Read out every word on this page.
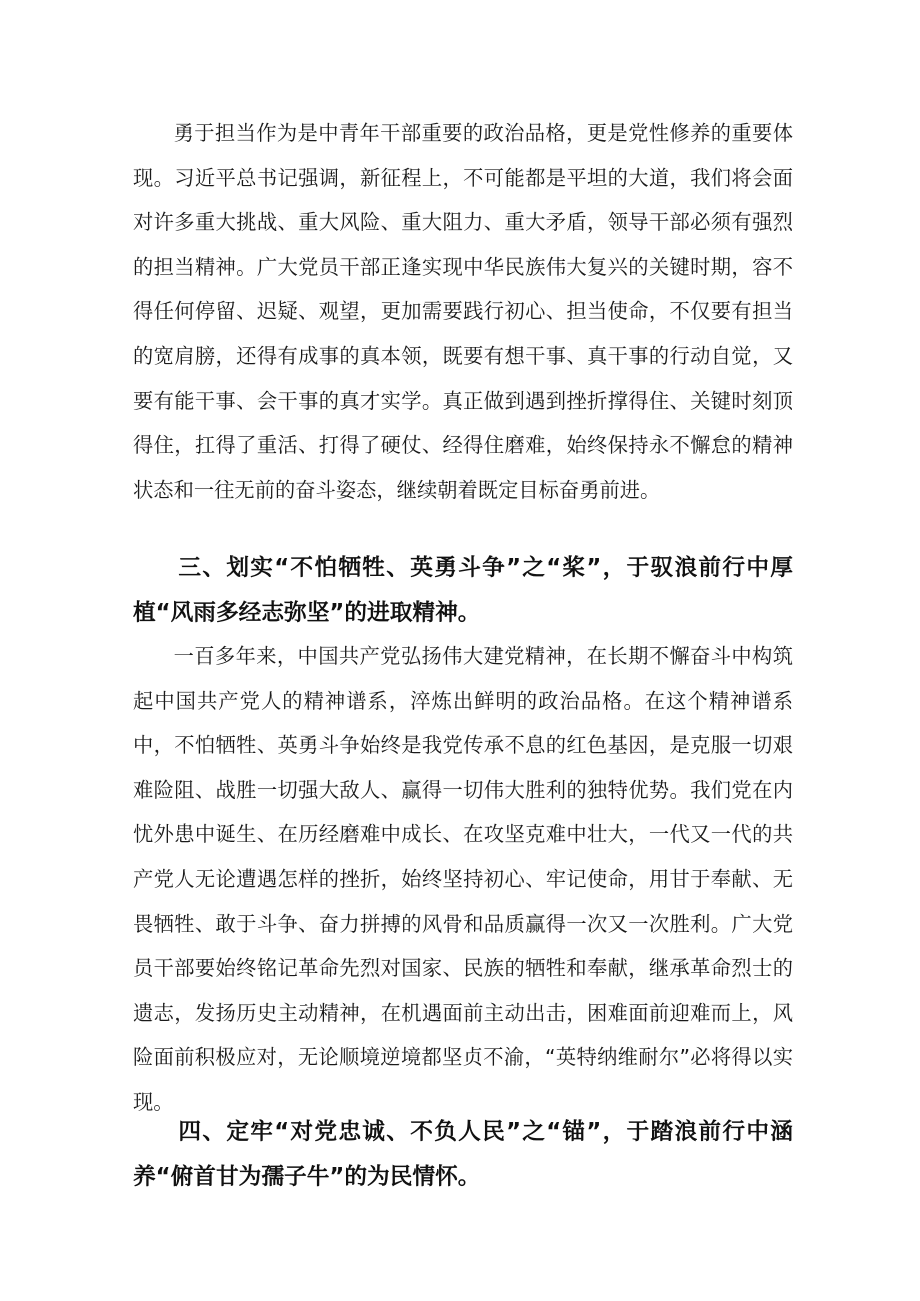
勇于担当作为是中青年干部重要的政治品格，更是党性修养的重要体现。习近平总书记强调，新征程上，不可能都是平坦的大道，我们将会面对许多重大挑战、重大风险、重大阻力、重大矛盾，领导干部必须有强烈的担当精神。广大党员干部正逢实现中华民族伟大复兴的关键时期，容不得任何停留、迟疑、观望，更加需要践行初心、担当使命，不仅要有担当的宽肩膀，还得有成事的真本领，既要有想干事、真干事的行动自觉，又要有能干事、会干事的真才实学。真正做到遇到挫折撑得住、关键时刻顶得住，扛得了重活、打得了硬仗、经得住磨难，始终保持永不懈怠的精神状态和一往无前的奋斗姿态，继续朝着既定目标奋勇前进。

三、划实“不怕牺牲、英勇斗争”之“桨”，于驭浪前行中厚植“风雨多经志弥坚”的进取精神。

一百多年来，中国共产党弘扬伟大建党精神，在长期不懈奋斗中构筑起中国共产党人的精神谱系，淬炼出鲜明的政治品格。在这个精神谱系中，不怕牺牲、英勇斗争始终是我党传承不息的红色基因，是克服一切艰难险阻、战胜一切强大敌人、赢得一切伟大胜利的独特优势。我们党在内忧外患中诞生、在历经磨难中成长、在攻坚克难中壮大，一代又一代的共产党人无论遭遇怎样的挫折，始终坚持初心、牢记使命，用甘于奉献、无畏牺牲、敢于斗争、奋力拼搏的风骨和品质赢得一次又一次胜利。广大党员干部要始终铭记革命先烈对国家、民族的牺牲和奉献，继承革命烈士的遗志，发扬历史主动精神，在机遇面前主动出击，困难面前迎难而上，风险面前积极应对，无论顺境逆境都坚贞不渝，“英特纳维耐尔”必将得以实现。

四、定牢“对党忠诚、不负人民”之“锚”，于踏浪前行中涵养“俯首甘为孺子牛”的为民情怀。
